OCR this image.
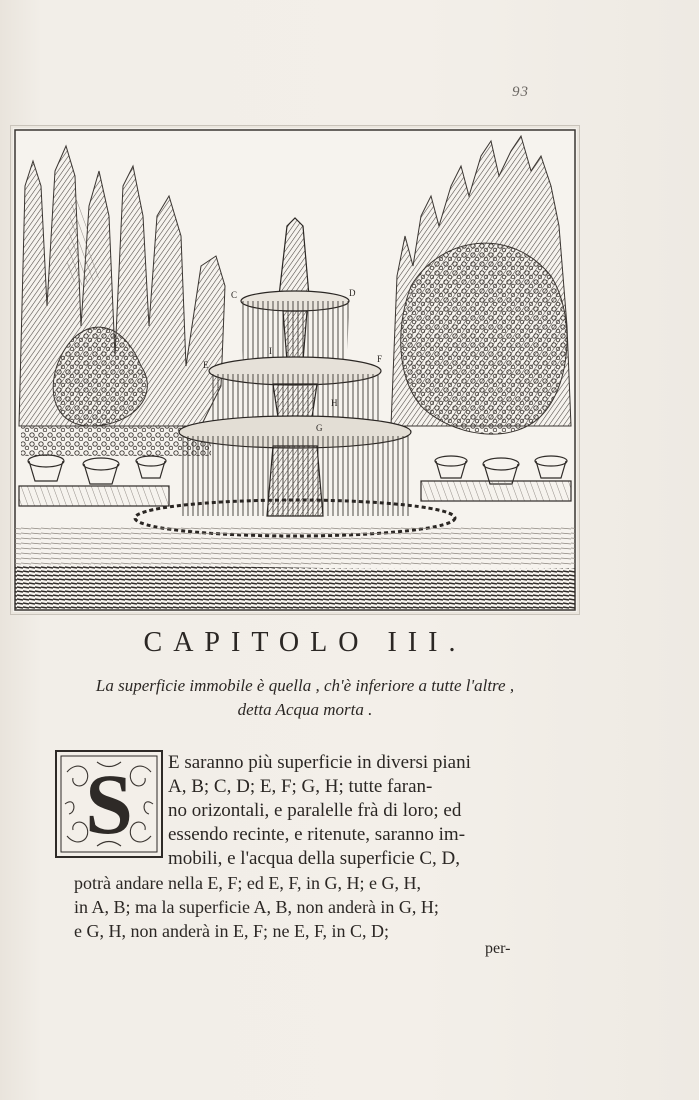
93
C	D
E
F
G
H
I
CAPITOLO III.
La superficie immobile è quella , ch'è inferiore a tutte l'altre ,
detta Acqua morta .
S	E saranno più superficie in diversi piani
A, B; C, D; E, F; G, H; tutte faran-
no orizontali, e paralelle frà di loro; ed
essendo recinte, e ritenute, saranno im-
mobili, e l'acqua della superficie C, D,
potrà andare nella E, F; ed E, F, in G, H; e G, H,
in A, B; ma la superficie A, B, non anderà in G, H;
e G, H, non anderà in E, F; ne E, F, in C, D;
per-
